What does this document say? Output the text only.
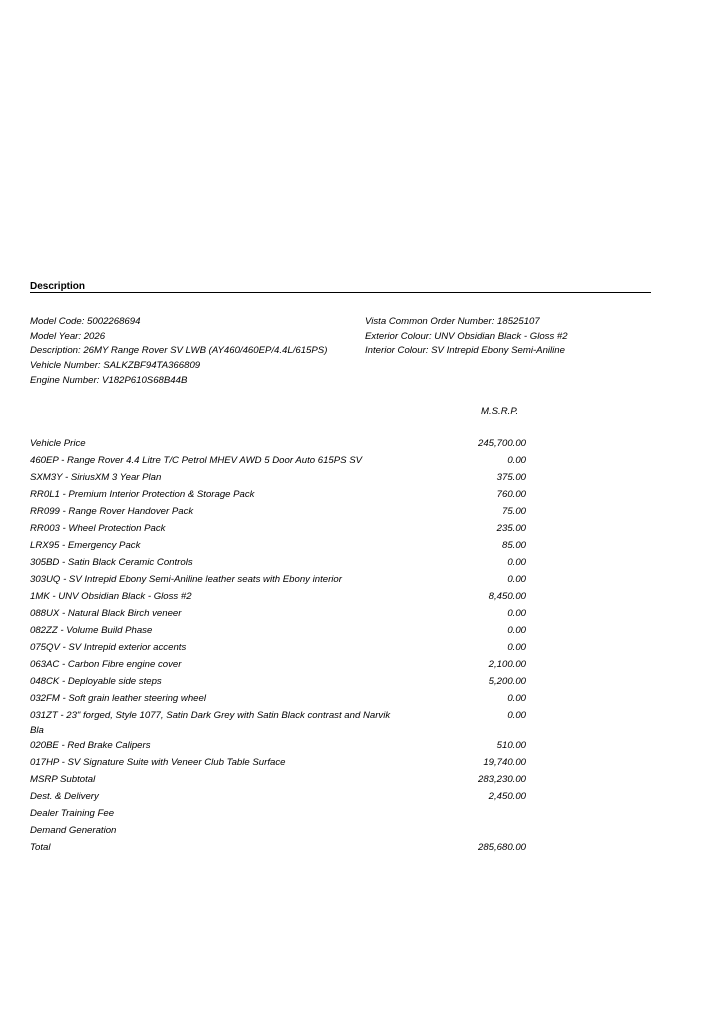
Description
Model Code: 5002268694
Model Year: 2026
Description: 26MY Range Rover SV LWB (AY460/460EP/4.4L/615PS)
Vehicle Number: SALKZBF94TA366809
Engine Number: V182P610S68B44B
Vista Common Order Number: 18525107
Exterior Colour: UNV Obsidian Black - Gloss #2
Interior Colour: SV Intrepid Ebony Semi-Aniline
M.S.R.P.
Vehicle Price	245,700.00
460EP - Range Rover 4.4 Litre T/C Petrol MHEV AWD 5 Door Auto 615PS SV	0.00
SXM3Y - SiriusXM 3 Year Plan	375.00
RR0L1 - Premium Interior Protection & Storage Pack	760.00
RR099 - Range Rover Handover Pack	75.00
RR003 - Wheel Protection Pack	235.00
LRX95 - Emergency Pack	85.00
305BD - Satin Black Ceramic Controls	0.00
303UQ - SV Intrepid Ebony Semi-Aniline leather seats with Ebony interior	0.00
1MK - UNV Obsidian Black - Gloss #2	8,450.00
088UX - Natural Black Birch veneer	0.00
082ZZ - Volume Build Phase	0.00
075QV - SV Intrepid exterior accents	0.00
063AC - Carbon Fibre engine cover	2,100.00
048CK - Deployable side steps	5,200.00
032FM - Soft grain leather steering wheel	0.00
031ZT - 23" forged, Style 1077, Satin Dark Grey with Satin Black contrast and Narvik Bla
0.00
020BE - Red Brake Calipers	510.00
017HP - SV Signature Suite with Veneer Club Table Surface	19,740.00
MSRP Subtotal	283,230.00
Dest. & Delivery	2,450.00
Dealer Training Fee
Demand Generation
Total	285,680.00
